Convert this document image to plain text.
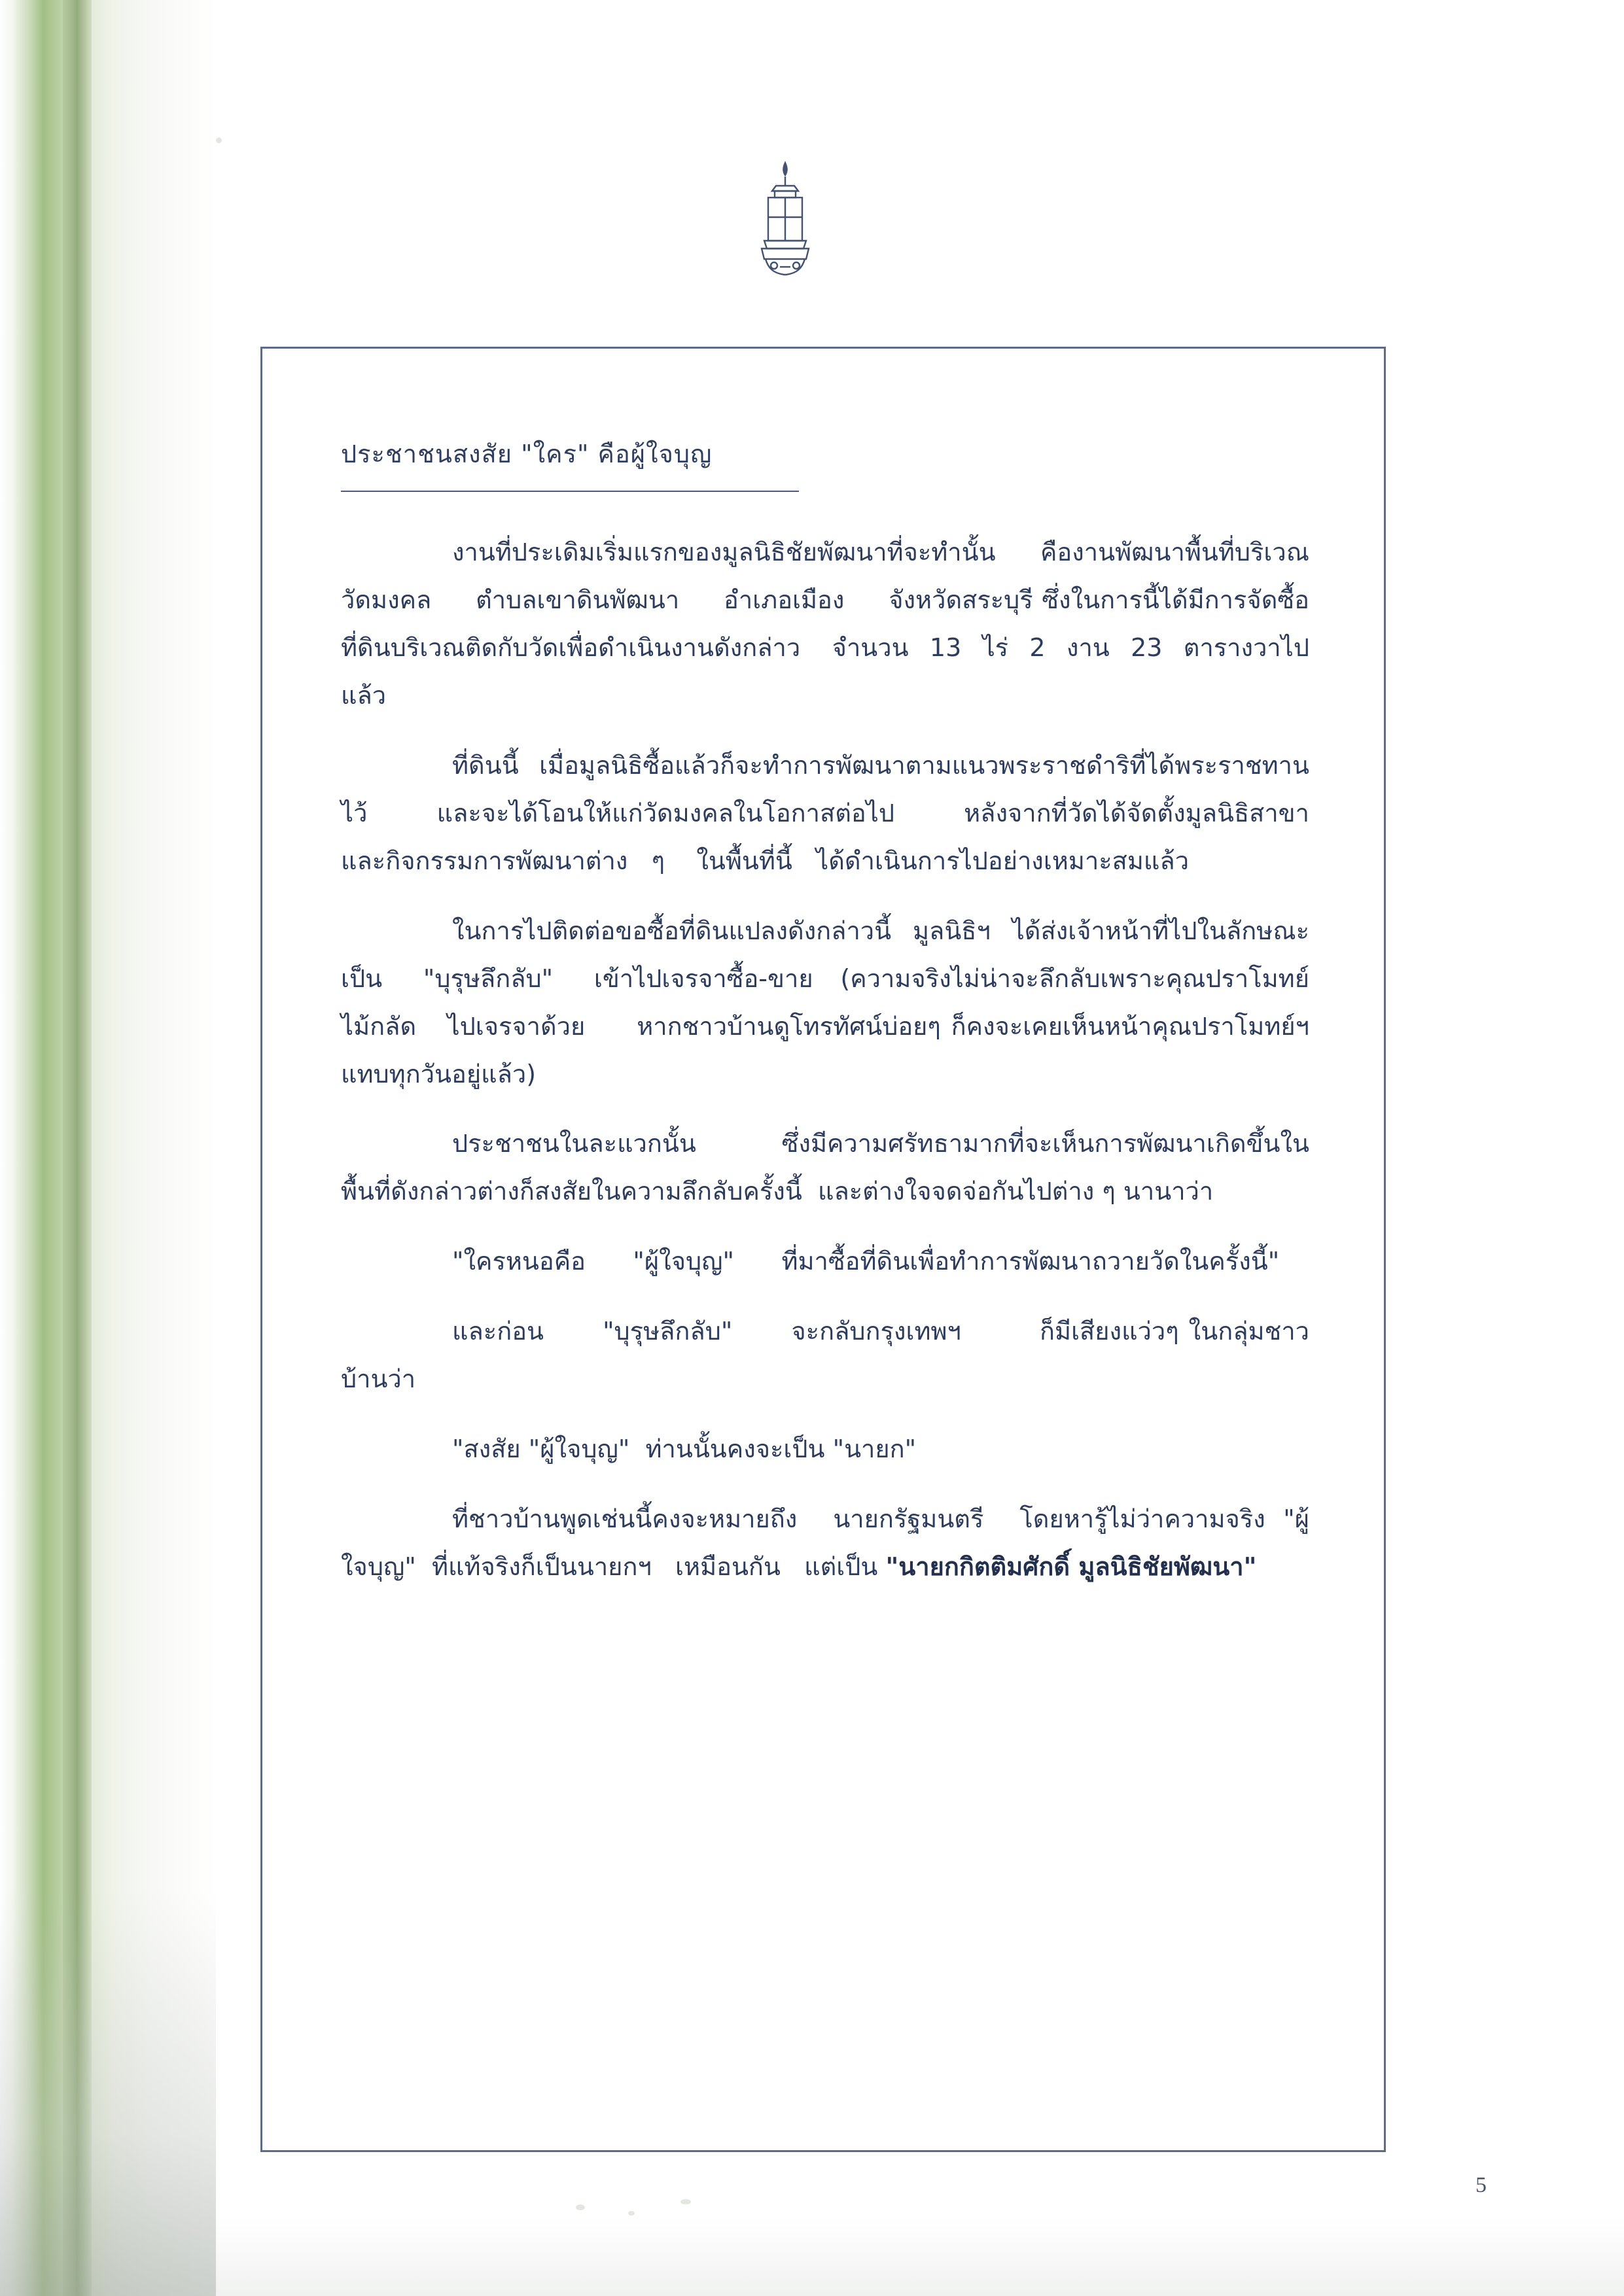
ประชาชนสงสัย "ใคร" คือผู้ใจบุญ

งานที่ประเดิมเริ่มแรกของมูลนิธิชัยพัฒนาที่จะทำนั้น     คืองานพัฒนาพื้นที่บริเวณวัดมงคล     ตำบลเขาดินพัฒนา     อำเภอเมือง     จังหวัดสระบุรี ซึ่งในการนี้ได้มีการจัดซื้อที่ดินบริเวณติดกับวัดเพื่อดำเนินงานดังกล่าว   จำนวน  13  ไร่  2  งาน  23  ตารางวาไปแล้ว

ที่ดินนี้  เมื่อมูลนิธิซื้อแล้วก็จะทำการพัฒนาตามแนวพระราชดำริที่ได้พระราชทานไว้      และจะได้โอนให้แก่วัดมงคลในโอกาสต่อไป      หลังจากที่วัดได้จัดตั้งมูลนิธิสาขาและกิจกรรมการพัฒนาต่าง   ๆ    ในพื้นที่นี้   ได้ดำเนินการไปอย่างเหมาะสมแล้ว

ในการไปติดต่อขอซื้อที่ดินแปลงดังกล่าวนี้  มูลนิธิฯ  ได้ส่งเจ้าหน้าที่ไปในลักษณะเป็น   "บุรุษลึกลับ"   เข้าไปเจรจาซื้อ-ขาย  (ความจริงไม่น่าจะลึกลับเพราะคุณปราโมทย์   ไม้กลัด   ไปเจรจาด้วย     หากชาวบ้านดูโทรทัศน์บ่อยๆ ก็คงจะเคยเห็นหน้าคุณปราโมทย์ฯ  แทบทุกวันอยู่แล้ว)

ประชาชนในละแวกนั้น        ซึ่งมีความศรัทธามากที่จะเห็นการพัฒนาเกิดขึ้นในพื้นที่ดังกล่าวต่างก็สงสัยในความลึกลับครั้งนี้  และต่างใจจดจ่อกันไปต่าง ๆ นานาว่า

"ใครหนอคือ      "ผู้ใจบุญ"      ที่มาซื้อที่ดินเพื่อทำการพัฒนาถวายวัดในครั้งนี้"

และก่อน      "บุรุษลึกลับ"      จะกลับกรุงเทพฯ        ก็มีเสียงแว่วๆ ในกลุ่มชาวบ้านว่า

"สงสัย "ผู้ใจบุญ"  ท่านนั้นคงจะเป็น "นายก"

ที่ชาวบ้านพูดเช่นนี้คงจะหมายถึง  นายกรัฐมนตรี  โดยหารู้ไม่ว่าความจริง "ผู้ใจบุญ"  ที่แท้จริงก็เป็นนายกฯ   เหมือนกัน   แต่เป็น "นายกกิตติมศักดิ์ มูลนิธิชัยพัฒนา"

5
